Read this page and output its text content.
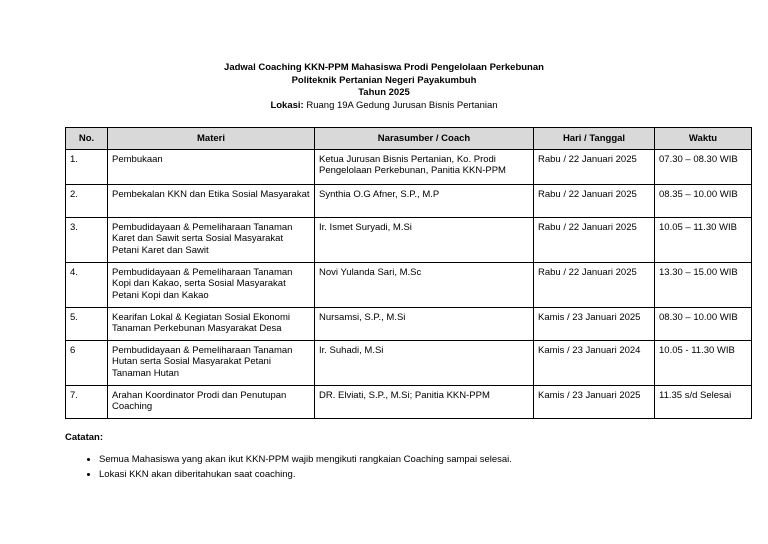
Jadwal Coaching KKN-PPM Mahasiswa Prodi Pengelolaan Perkebunan
Politeknik Pertanian Negeri Payakumbuh
Tahun 2025
Lokasi: Ruang 19A Gedung Jurusan Bisnis Pertanian
No.	Materi	Narasumber / Coach	Hari / Tanggal	Waktu
1.	Pembukaan	Ketua Jurusan Bisnis Pertanian, Ko. Prodi Pengelolaan Perkebunan, Panitia KKN-PPM	Rabu / 22 Januari 2025	07.30 – 08.30 WIB
2.	Pembekalan KKN dan Etika Sosial Masyarakat	Synthia O.G Afner, S.P., M.P	Rabu / 22 Januari 2025	08.35 – 10.00 WIB
3.	Pembudidayaan & Pemeliharaan Tanaman Karet dan Sawit serta Sosial Masyarakat Petani Karet dan Sawit	Ir. Ismet Suryadi, M.Si	Rabu / 22 Januari 2025	10.05 – 11.30 WIB
4.	Pembudidayaan & Pemeliharaan Tanaman Kopi dan Kakao, serta Sosial Masyarakat Petani Kopi dan Kakao	Novi Yulanda Sari, M.Sc	Rabu / 22 Januari 2025	13.30 – 15.00 WIB
5.	Kearifan Lokal & Kegiatan Sosial Ekonomi Tanaman Perkebunan Masyarakat Desa	Nursamsi, S.P., M.Si	Kamis / 23 Januari 2025	08.30 – 10.00 WIB
6	Pembudidayaan & Pemeliharaan Tanaman Hutan serta Sosial Masyarakat Petani Tanaman Hutan	Ir. Suhadi, M.Si	Kamis / 23 Januari 2024	10.05 - 11.30 WIB
7.	Arahan Koordinator Prodi dan Penutupan Coaching	DR. Elviati, S.P., M.Si; Panitia KKN-PPM	Kamis / 23 Januari 2025	11.35 s/d Selesai
Catatan:
• Semua Mahasiswa yang akan ikut KKN-PPM wajib mengikuti rangkaian Coaching sampai selesai.
• Lokasi KKN akan diberitahukan saat coaching.
